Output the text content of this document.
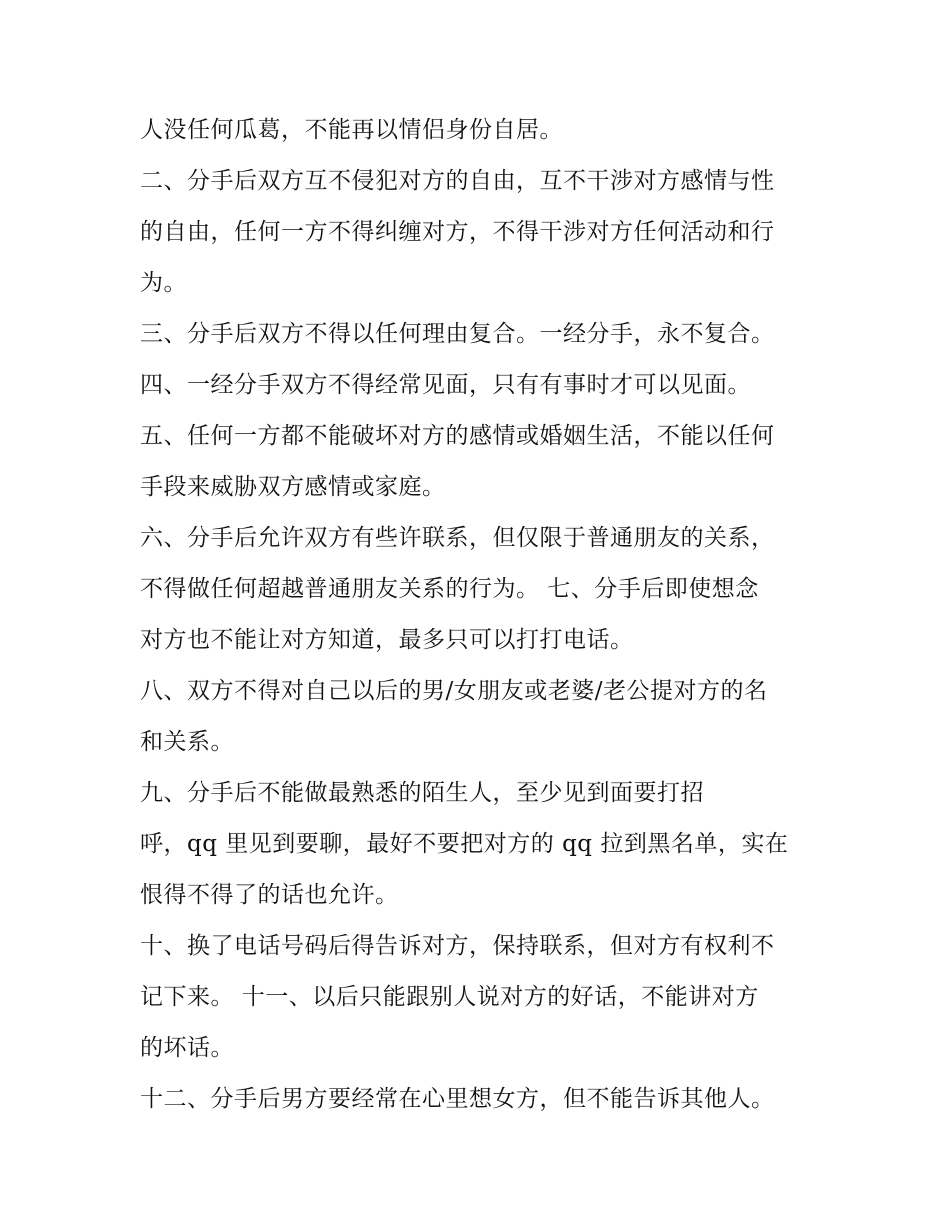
人没任何瓜葛，不能再以情侣身份自居。
二、分手后双方互不侵犯对方的自由，互不干涉对方感情与性
的自由，任何一方不得纠缠对方，不得干涉对方任何活动和行
为。
三、分手后双方不得以任何理由复合。一经分手，永不复合。
四、一经分手双方不得经常见面，只有有事时才可以见面。
五、任何一方都不能破坏对方的感情或婚姻生活，不能以任何
手段来威胁双方感情或家庭。
六、分手后允许双方有些许联系，但仅限于普通朋友的关系，
不得做任何超越普通朋友关系的行为。 七、分手后即使想念
对方也不能让对方知道，最多只可以打打电话。
八、双方不得对自己以后的男/女朋友或老婆/老公提对方的名
和关系。
九、分手后不能做最熟悉的陌生人，至少见到面要打招
呼，qq 里见到要聊，最好不要把对方的 qq 拉到黑名单，实在
恨得不得了的话也允许。
十、换了电话号码后得告诉对方，保持联系，但对方有权利不
记下来。 十一、以后只能跟别人说对方的好话，不能讲对方
的坏话。
十二、分手后男方要经常在心里想女方，但不能告诉其他人。
